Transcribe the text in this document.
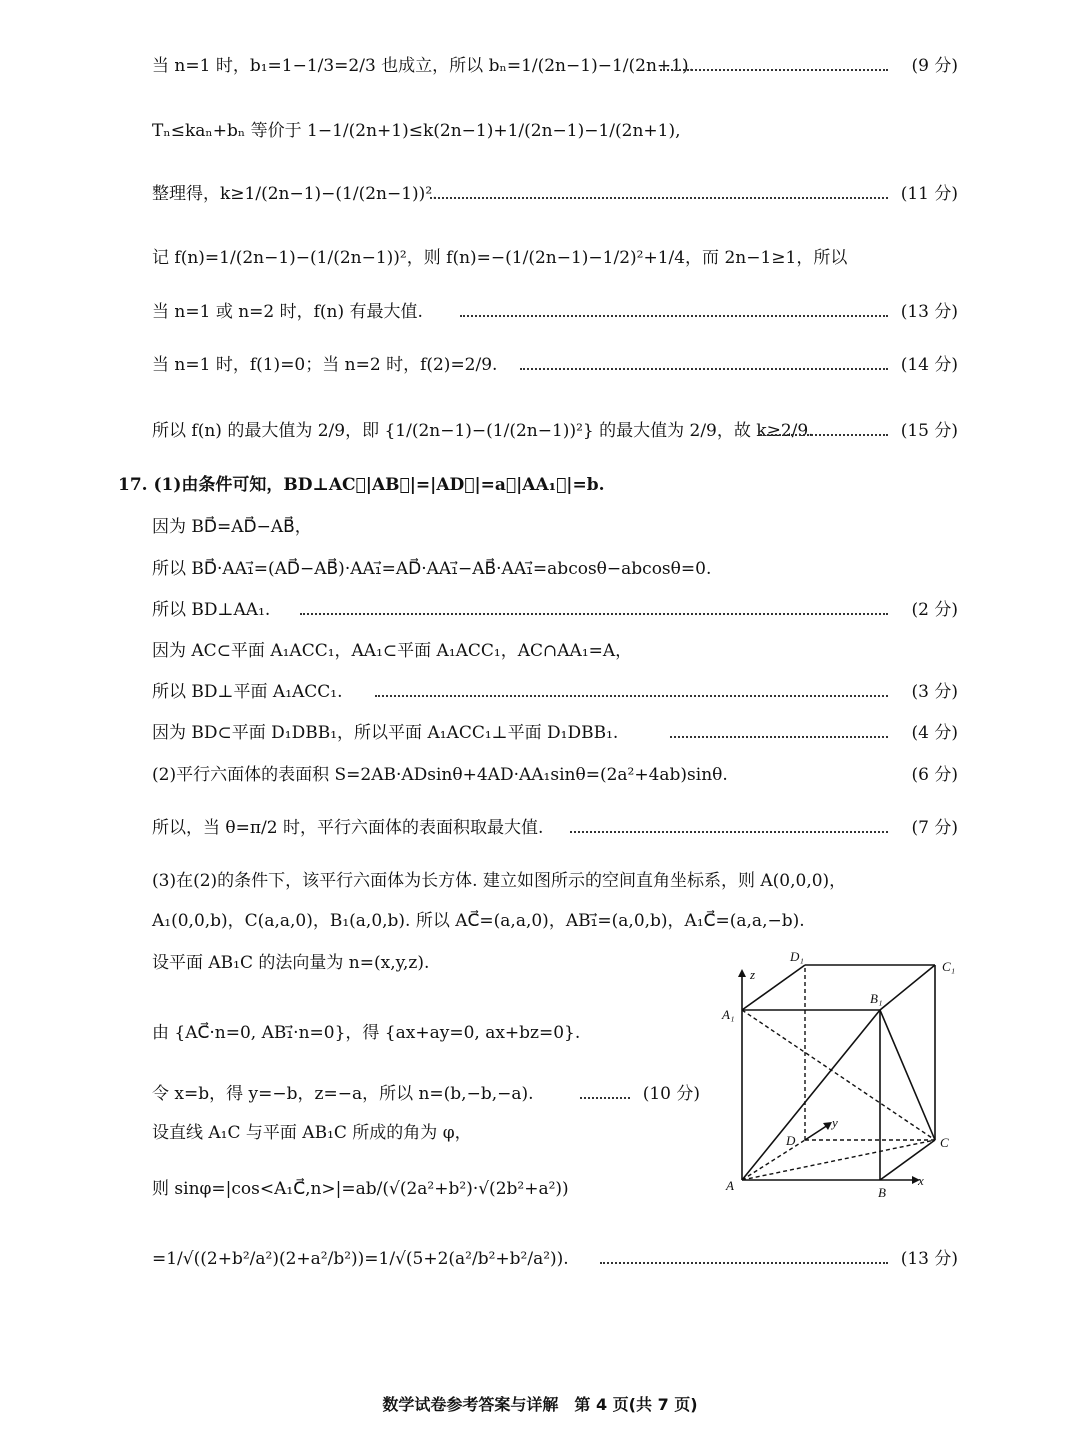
当 n=1 时，b₁=1−1/3=2/3 也成立，所以 bₙ=1/(2n−1)−1/(2n+1).	(9 分)
Tₙ≤kaₙ+bₙ 等价于 1−1/(2n+1)≤k(2n−1)+1/(2n−1)−1/(2n+1),
整理得，k≥1/(2n−1)−(1/(2n−1))².	(11 分)
记 f(n)=1/(2n−1)−(1/(2n−1))²，则 f(n)=−(1/(2n−1)−1/2)²+1/4，而 2n−1≥1，所以
当 n=1 或 n=2 时，f(n) 有最大值.	(13 分)
当 n=1 时，f(1)=0；当 n=2 时，f(2)=2/9.	(14 分)
所以 f(n) 的最大值为 2/9，即 {1/(2n−1)−(1/(2n−1))²} 的最大值为 2/9，故 k≥2/9.	(15 分)
17. (1)由条件可知，BD⊥AC，|AB⃗|=|AD⃗|=a，|AA₁⃗|=b.
因为 BD⃗=AD⃗−AB⃗，
所以 BD⃗·AA₁⃗=(AD⃗−AB⃗)·AA₁⃗=AD⃗·AA₁⃗−AB⃗·AA₁⃗=abcosθ−abcosθ=0.
所以 BD⊥AA₁.	(2 分)
因为 AC⊂平面 A₁ACC₁，AA₁⊂平面 A₁ACC₁，AC∩AA₁=A，
所以 BD⊥平面 A₁ACC₁.	(3 分)
因为 BD⊂平面 D₁DBB₁，所以平面 A₁ACC₁⊥平面 D₁DBB₁.	(4 分)
(2)平行六面体的表面积 S=2AB·ADsinθ+4AD·AA₁sinθ=(2a²+4ab)sinθ.	(6 分)
所以，当 θ=π/2 时，平行六面体的表面积取最大值.	(7 分)
(3)在(2)的条件下，该平行六面体为长方体. 建立如图所示的空间直角坐标系，则 A(0,0,0)，
A₁(0,0,b)，C(a,a,0)，B₁(a,0,b). 所以 AC⃗=(a,a,0)，AB₁⃗=(a,0,b)，A₁C⃗=(a,a,−b).
设平面 AB₁C 的法向量为 n=(x,y,z).
由 {AC⃗·n=0, AB₁⃗·n=0}，得 {ax+ay=0, ax+bz=0}.
令 x=b，得 y=−b，z=−a，所以 n=(b,−b,−a).	(10 分)
设直线 A₁C 与平面 AB₁C 所成的角为 φ，
则 sinφ=|cos<A₁C⃗,n>|=ab/(√(2a²+b²)·√(2b²+a²))
=1/√((2+b²/a²)(2+a²/b²))=1/√(5+2(a²/b²+b²/a²)).	(13 分)
A	B
C
D
A₁
B₁
C₁
D₁
x
y
z
数学试卷参考答案与详解　第 4 页(共 7 页)
